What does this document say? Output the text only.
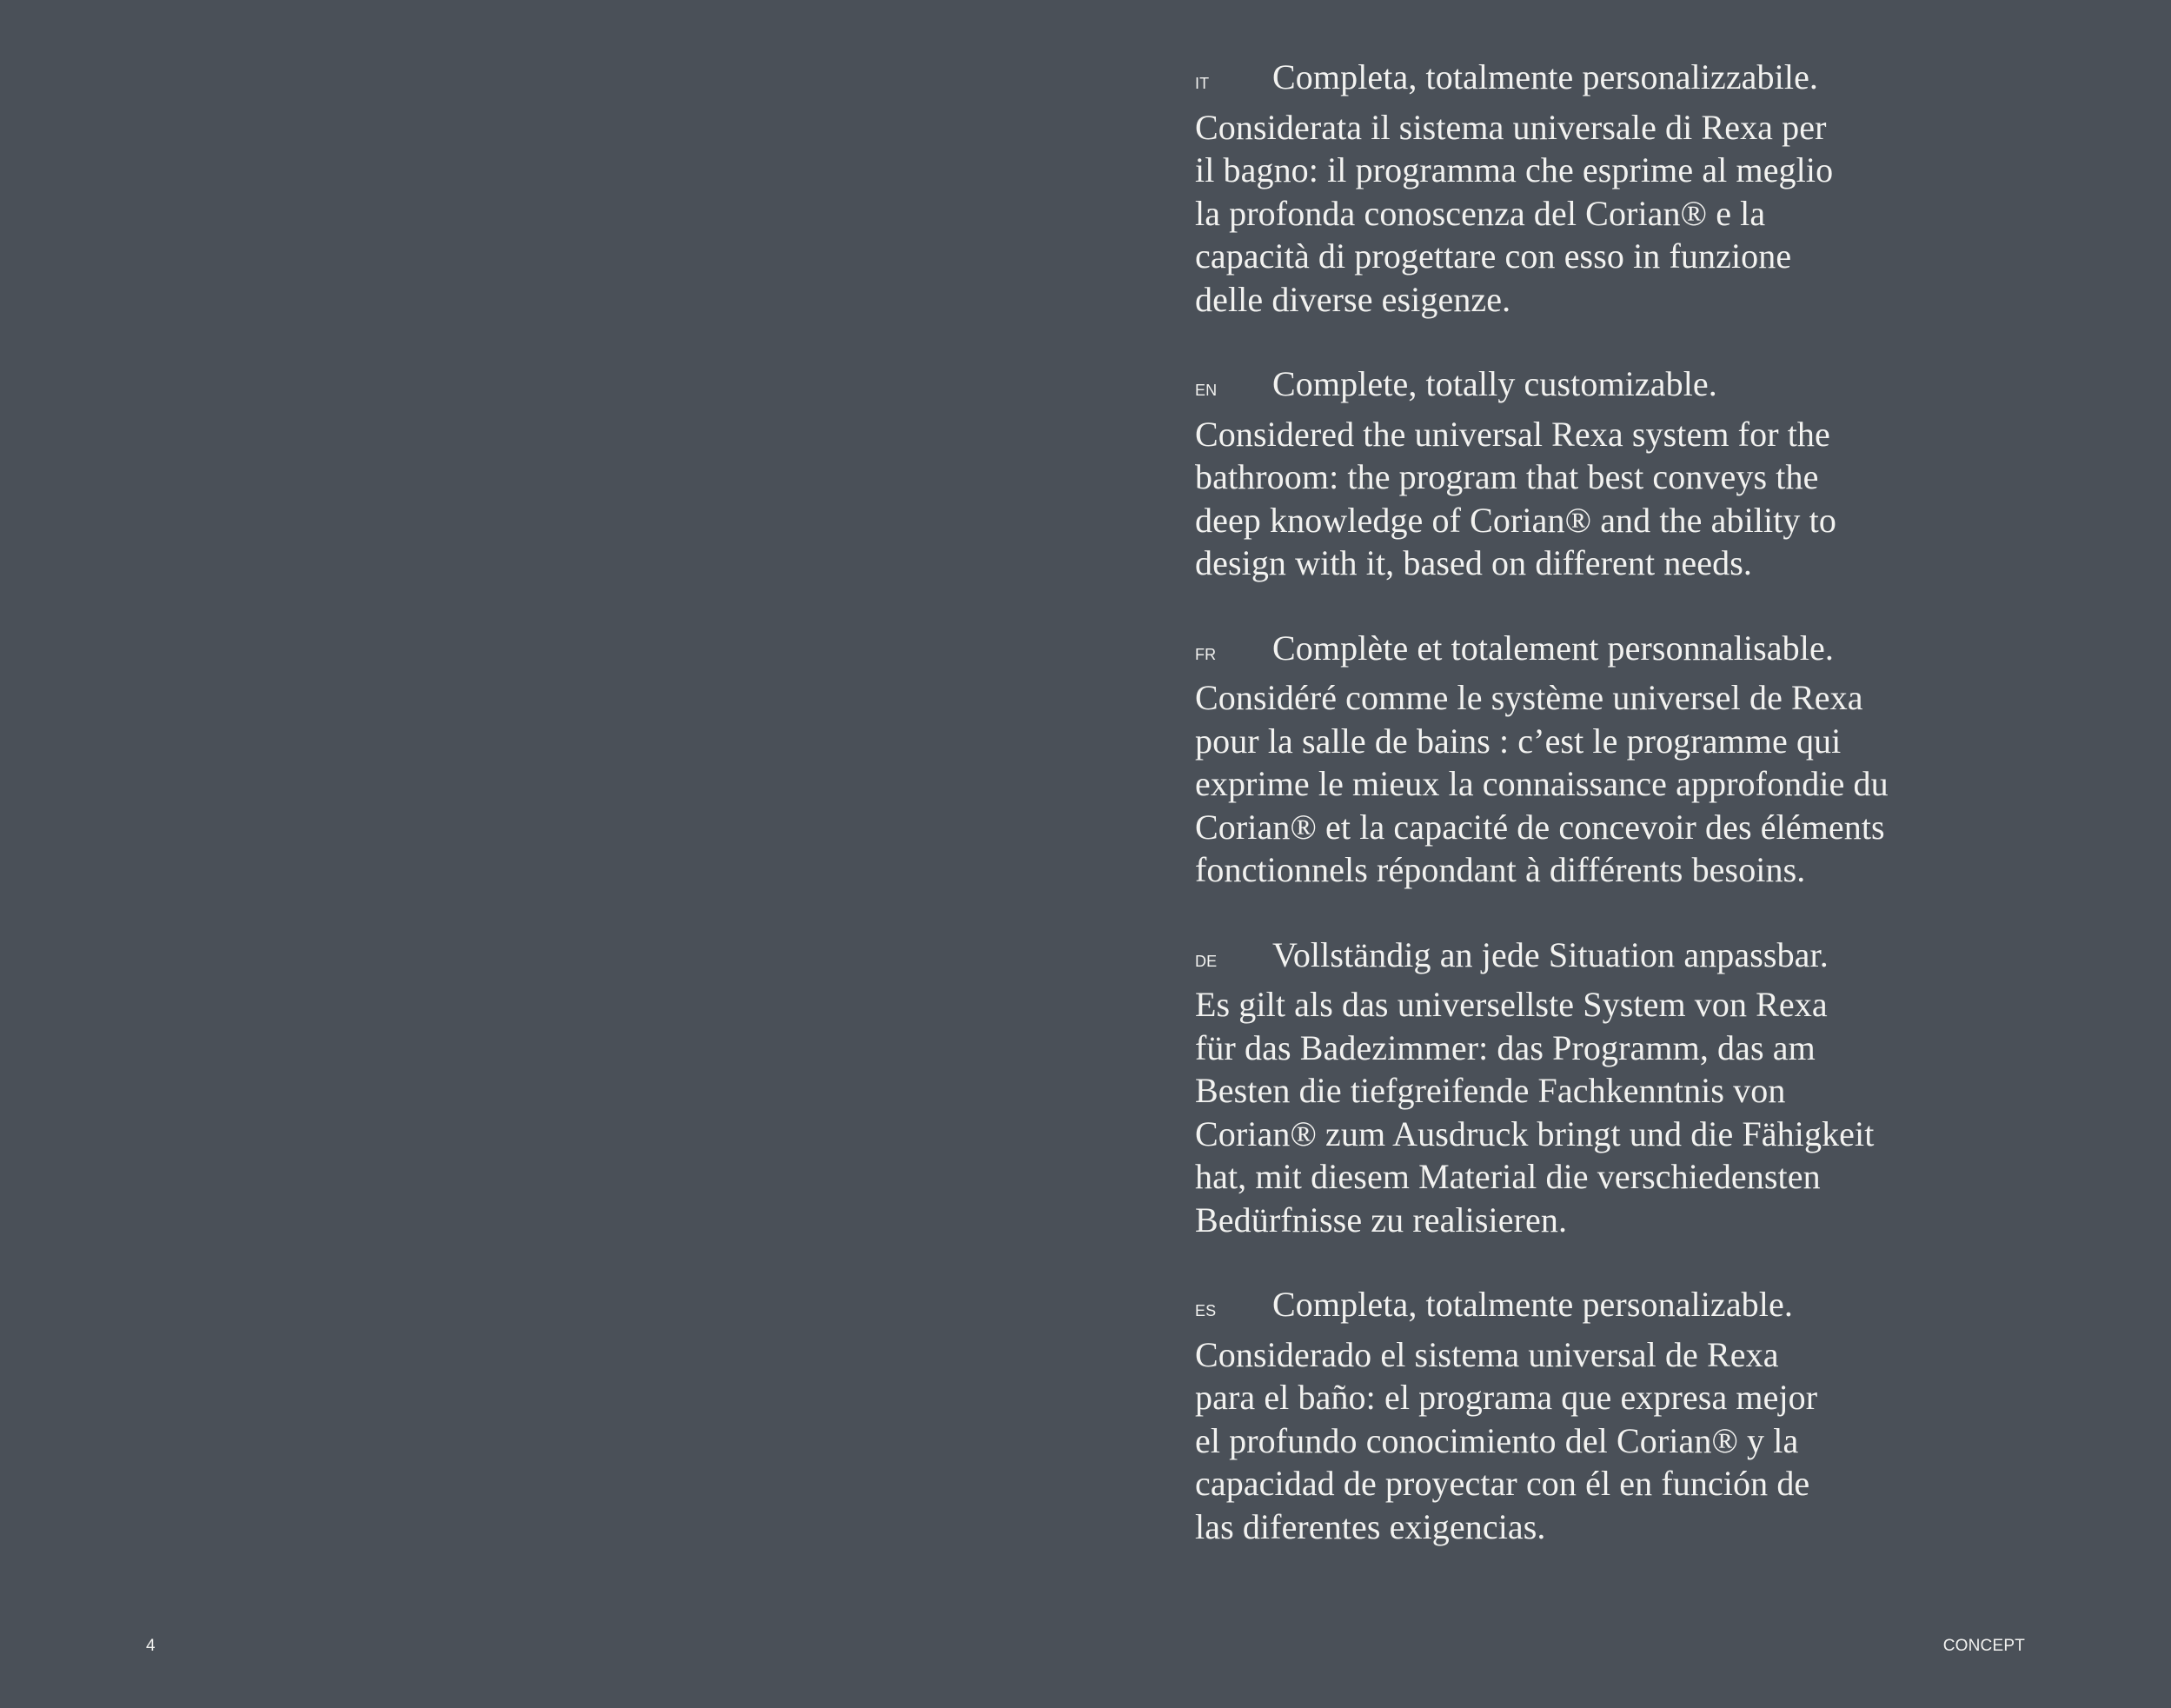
IT Completa, totalmente personalizzabile.
Considerata il sistema universale di Rexa per
il bagno: il programma che esprime al meglio
la profonda conoscenza del Corian® e la
capacità di progettare con esso in funzione
delle diverse esigenze.

EN Complete, totally customizable.
Considered the universal Rexa system for the
bathroom: the program that best conveys the
deep knowledge of Corian® and the ability to
design with it, based on different needs.

FR Complète et totalement personnalisable.
Considéré comme le système universel de Rexa
pour la salle de bains : c’est le programme qui
exprime le mieux la connaissance approfondie du
Corian® et la capacité de concevoir des éléments
fonctionnels répondant à différents besoins.

DE Vollständig an jede Situation anpassbar.
Es gilt als das universellste System von Rexa
für das Badezimmer: das Programm, das am
Besten die tiefgreifende Fachkenntnis von
Corian® zum Ausdruck bringt und die Fähigkeit
hat, mit diesem Material die verschiedensten
Bedürfnisse zu realisieren.

ES Completa, totalmente personalizable.
Considerado el sistema universal de Rexa
para el baño: el programa que expresa mejor
el profundo conocimiento del Corian® y la
capacidad de proyectar con él en función de
las diferentes exigencias.

4	CONCEPT
